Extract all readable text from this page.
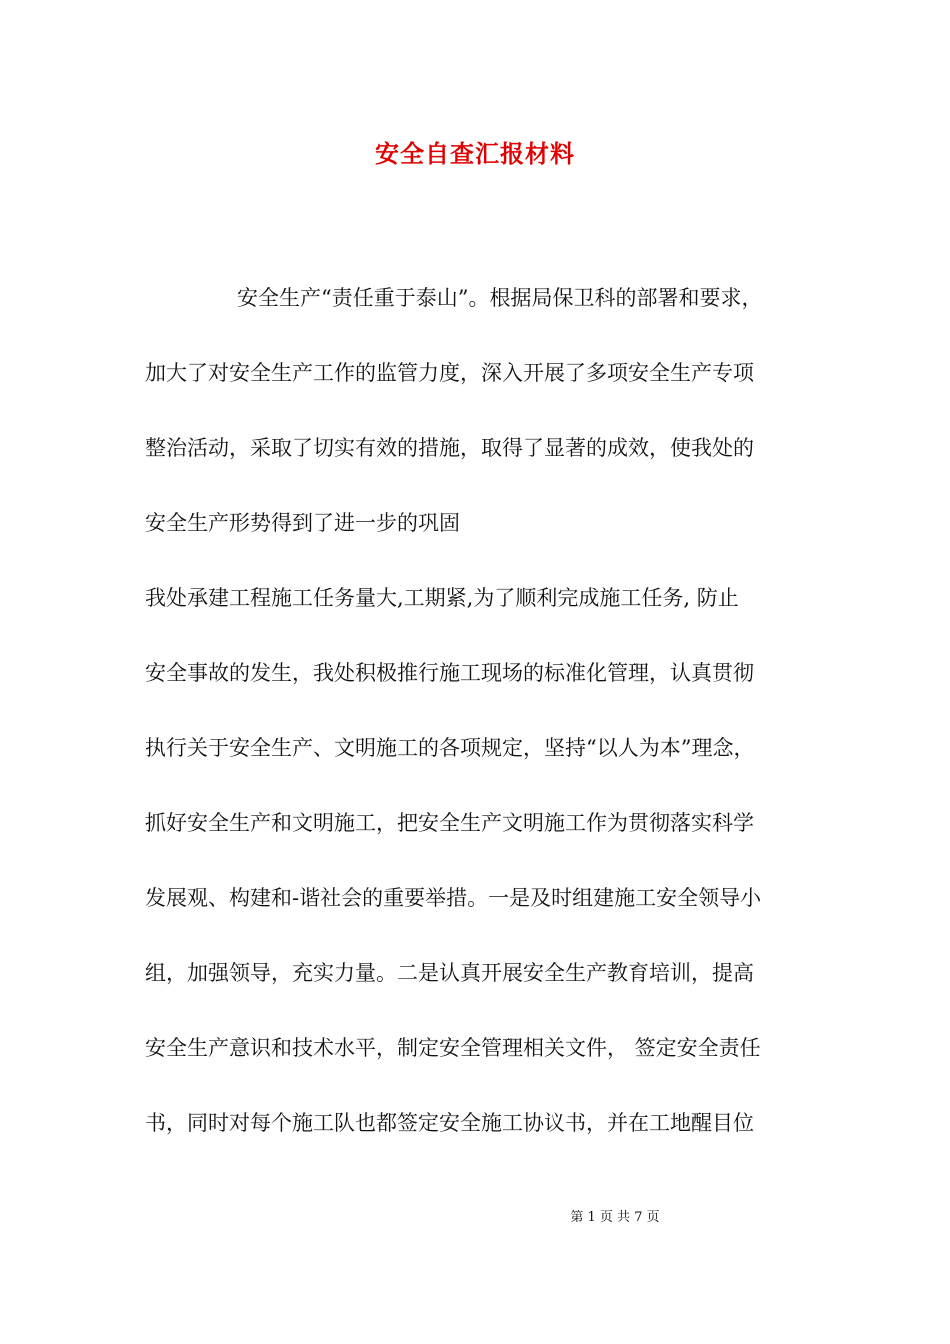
安全自查汇报材料
安全生产“责任重于泰山”。根据局保卫科的部署和要求，
加大了对安全生产工作的监管力度，深入开展了多项安全生产专项
整治活动，采取了切实有效的措施，取得了显著的成效，使我处的
安全生产形势得到了进一步的巩固
我处承建工程施工任务量大,工期紧,为了顺利完成施工任务, 防止
安全事故的发生，我处积极推行施工现场的标准化管理，认真贯彻
执行关于安全生产、文明施工的各项规定，坚持“以人为本”理念，
抓好安全生产和文明施工，把安全生产文明施工作为贯彻落实科学
发展观、构建和-谐社会的重要举措。一是及时组建施工安全领导小
组，加强领导，充实力量。二是认真开展安全生产教育培训，提高
安全生产意识和技术水平，制定安全管理相关文件， 签定安全责任
书，同时对每个施工队也都签定安全施工协议书，并在工地醒目位
第 1 页 共 7 页
